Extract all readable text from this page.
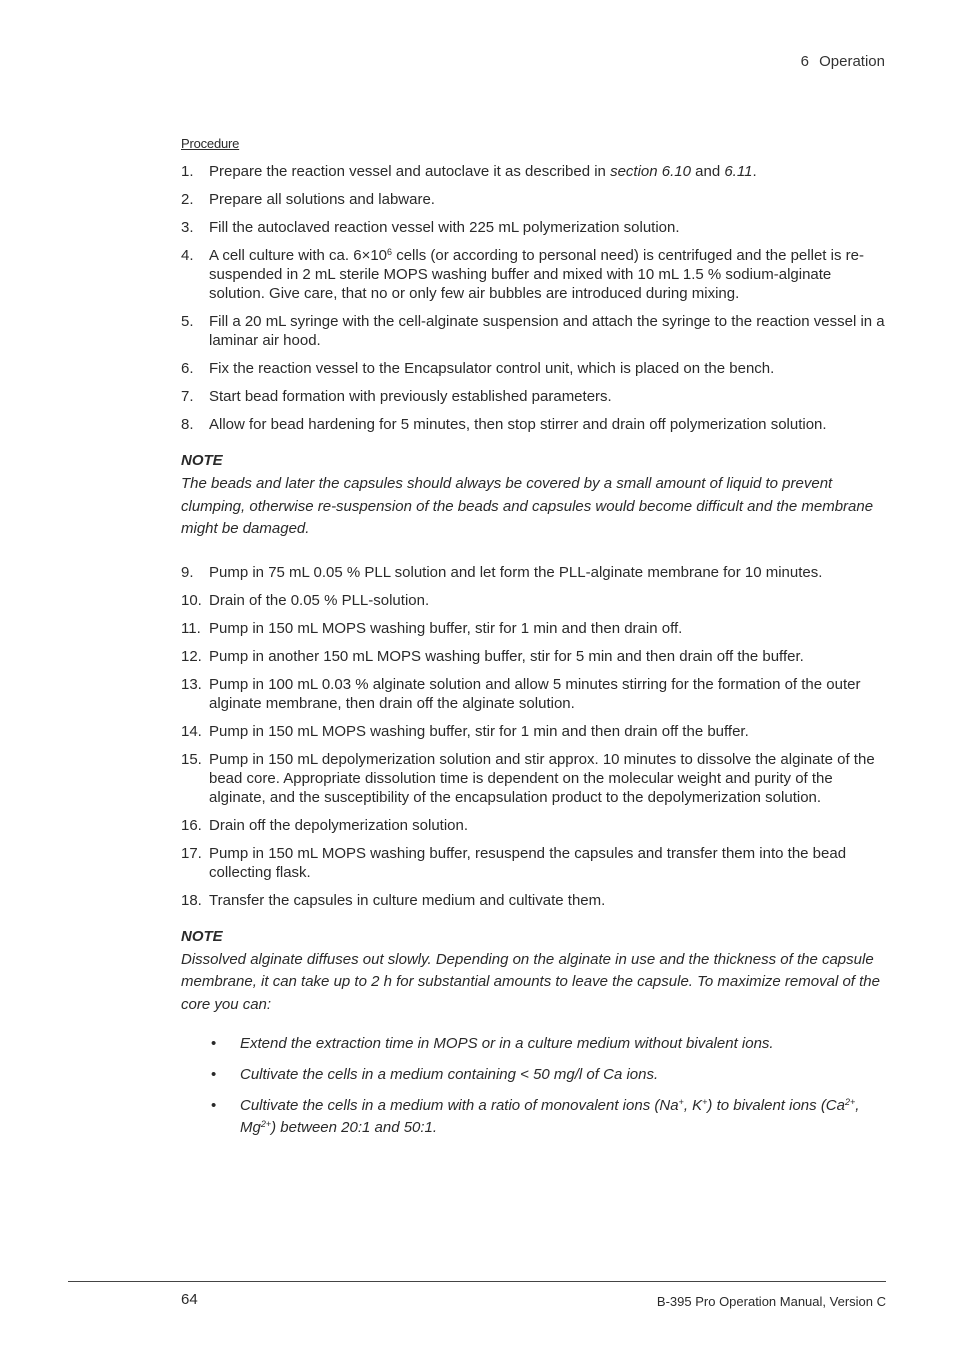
6 Operation
Procedure
1. Prepare the reaction vessel and autoclave it as described in section 6.10 and 6.11.
2. Prepare all solutions and labware.
3. Fill the autoclaved reaction vessel with 225 mL polymerization solution.
4. A cell culture with ca. $6\times 10^6$ cells (or according to personal need) is centrifuged and the pellet is re-suspended in 2 mL sterile MOPS washing buffer and mixed with 10 mL 1.5 % sodium-alginate solution. Give care, that no or only few air bubbles are introduced during mixing.
5. Fill a 20 mL syringe with the cell-alginate suspension and attach the syringe to the reaction vessel in a laminar air hood.
6. Fix the reaction vessel to the Encapsulator control unit, which is placed on the bench.
7. Start bead formation with previously established parameters.
8. Allow for bead hardening for 5 minutes, then stop stirrer and drain off polymerization solution.
NOTE
The beads and later the capsules should always be covered by a small amount of liquid to prevent clumping, otherwise re-suspension of the beads and capsules would become difficult and the membrane might be damaged.
9. Pump in 75 mL 0.05 % PLL solution and let form the PLL-alginate membrane for 10 minutes.
10. Drain of the 0.05 % PLL-solution.
11. Pump in 150 mL MOPS washing buffer, stir for 1 min and then drain off.
12. Pump in another 150 mL MOPS washing buffer, stir for 5 min and then drain off the buffer.
13. Pump in 100 mL 0.03 % alginate solution and allow 5 minutes stirring for the formation of the outer alginate membrane, then drain off the alginate solution.
14. Pump in 150 mL MOPS washing buffer, stir for 1 min and then drain off the buffer.
15. Pump in 150 mL depolymerization solution and stir approx. 10 minutes to dissolve the alginate of the bead core. Appropriate dissolution time is dependent on the molecular weight and purity of the alginate, and the susceptibility of the encapsulation product to the depolymerization solution.
16. Drain off the depolymerization solution.
17. Pump in 150 mL MOPS washing buffer, resuspend the capsules and transfer them into the bead collecting flask.
18. Transfer the capsules in culture medium and cultivate them.
NOTE
Dissolved alginate diffuses out slowly. Depending on the alginate in use and the thickness of the capsule membrane, it can take up to 2 h for substantial amounts to leave the capsule. To maximize removal of the core you can:
• Extend the extraction time in MOPS or in a culture medium without bivalent ions.
• Cultivate the cells in a medium containing < 50 mg/l of Ca ions.
• Cultivate the cells in a medium with a ratio of monovalent ions (Na+, K+) to bivalent ions ($Ca^{2+}$, $Mg^{2+}$) between 20:1 and 50:1.
64	B-395 Pro Operation Manual, Version C
